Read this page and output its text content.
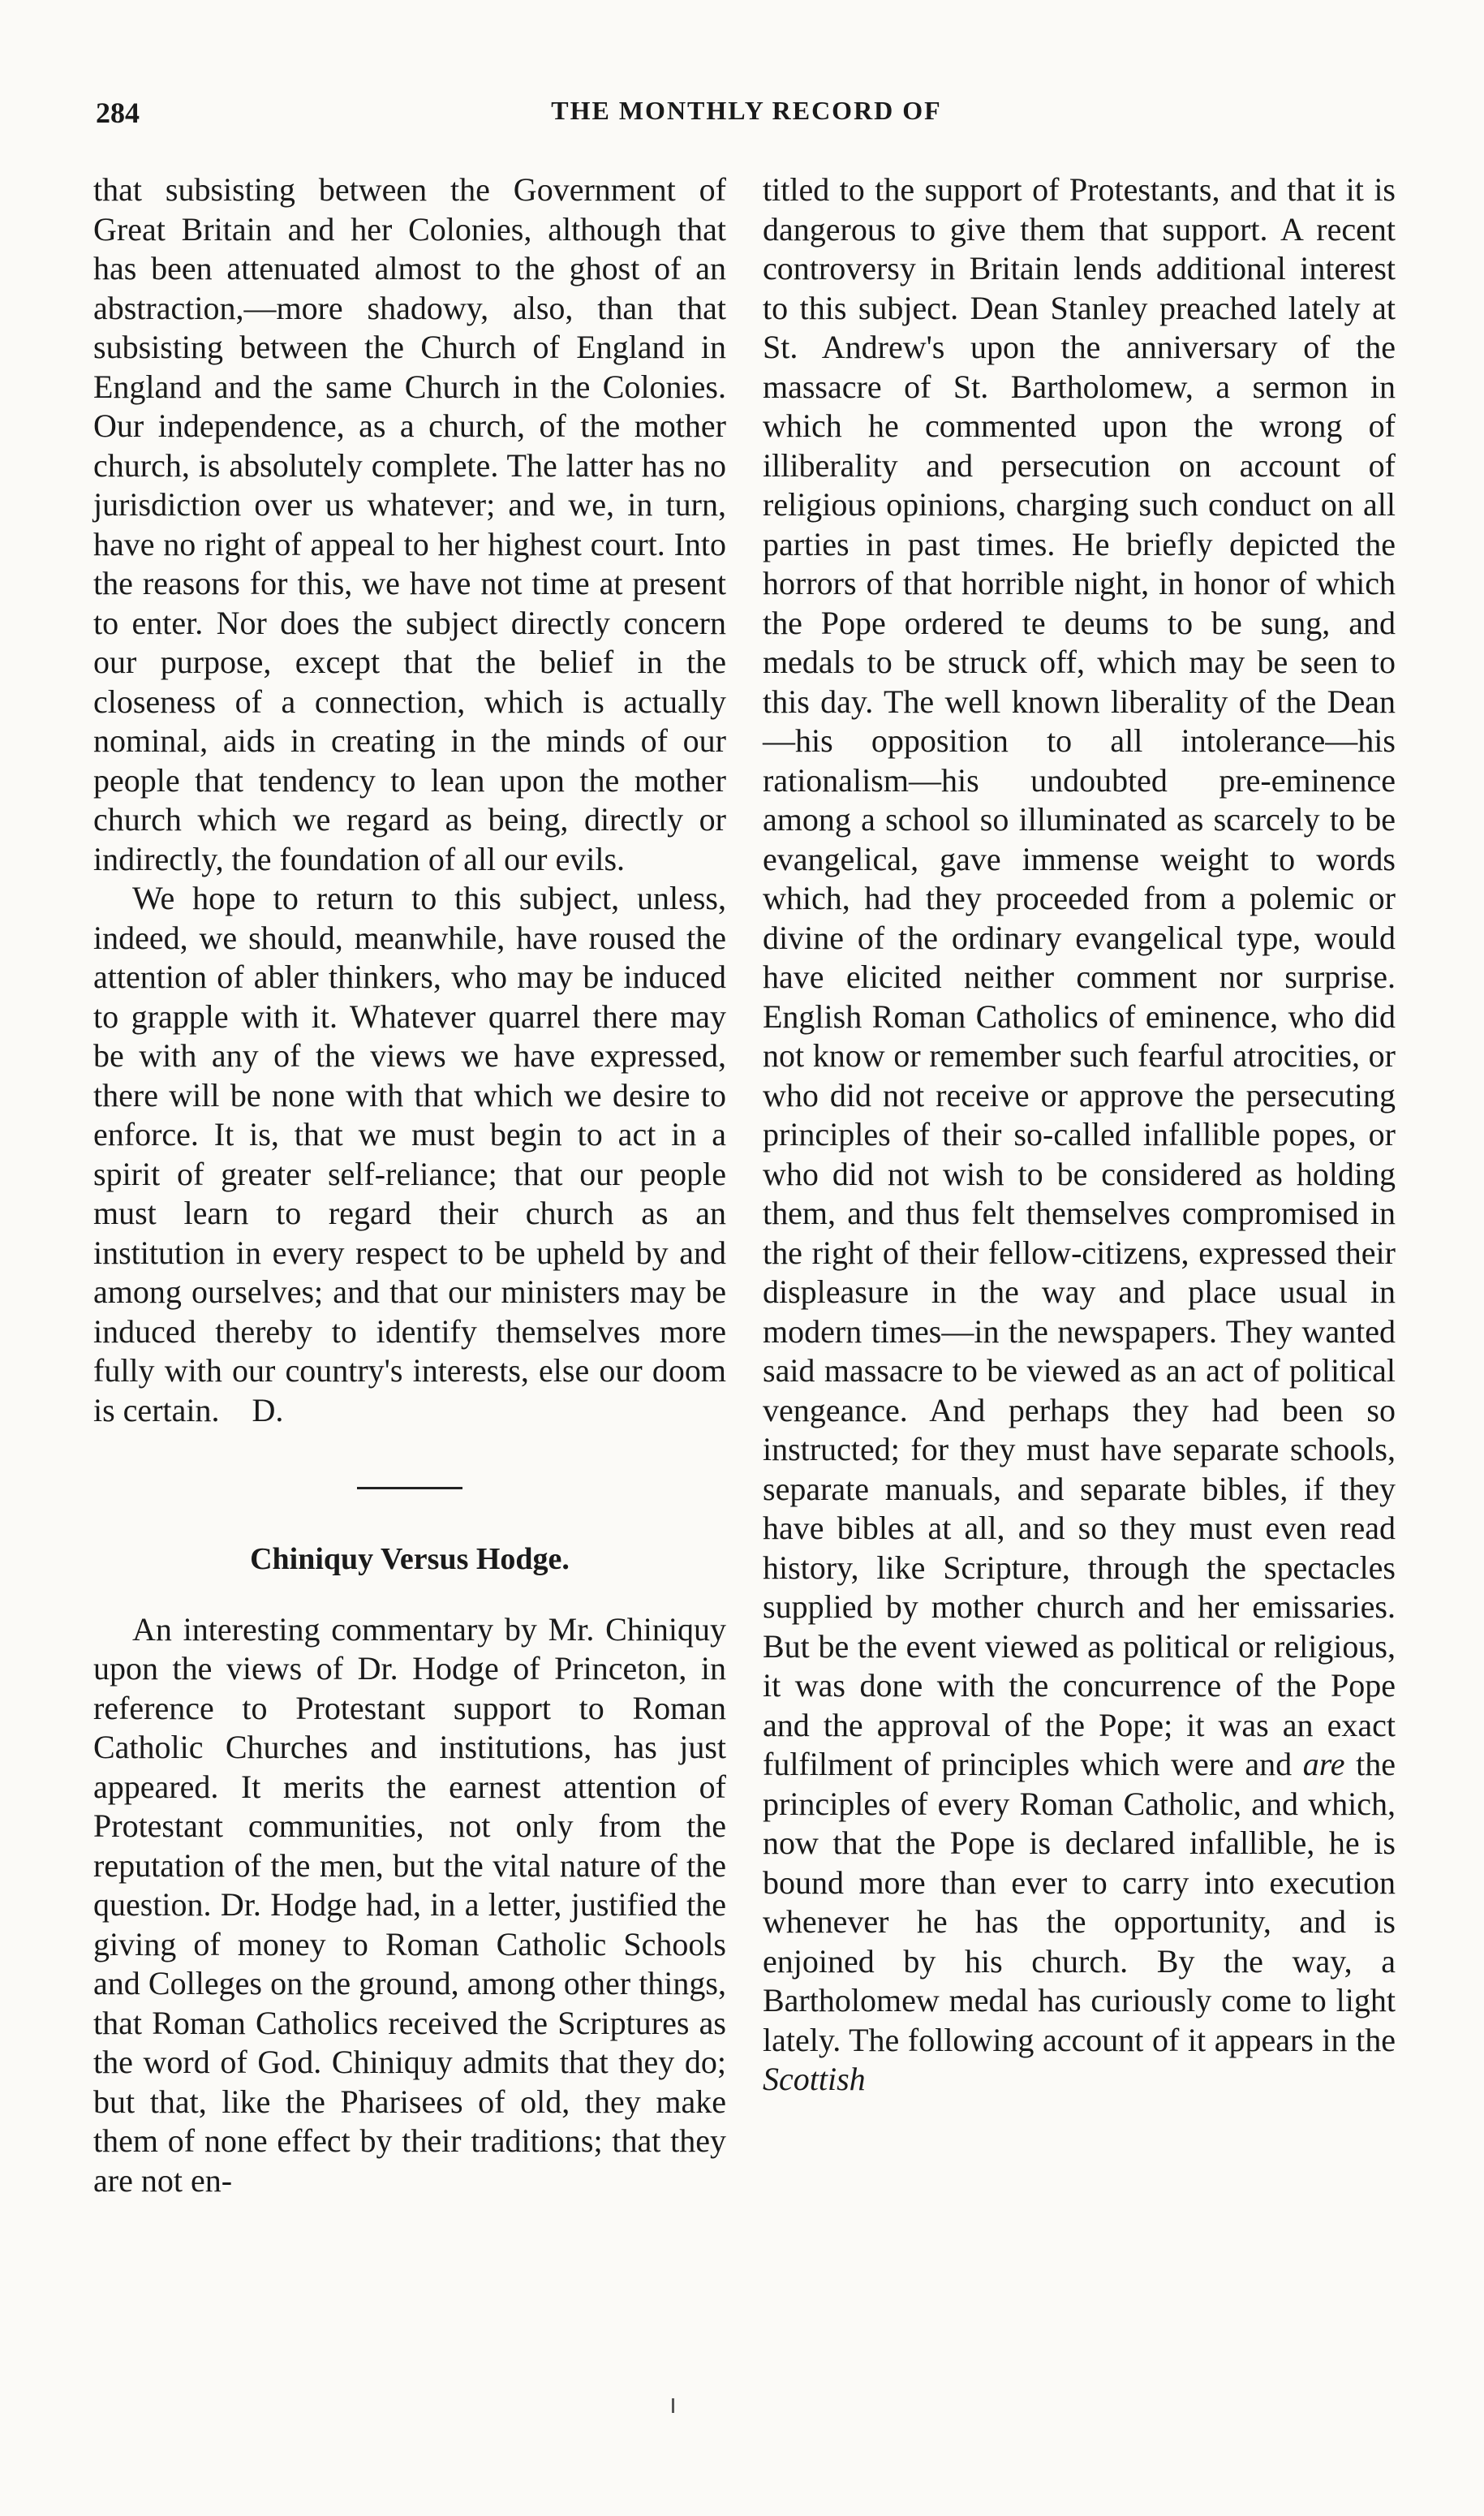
284	THE MONTHLY RECORD OF

that subsisting between the Government of Great Britain and her Colonies, although that has been attenuated almost to the ghost of an abstraction,—more shadowy, also, than that subsisting between the Church of England in England and the same Church in the Colonies. Our independence, as a church, of the mother church, is absolutely complete. The latter has no jurisdiction over us whatever; and we, in turn, have no right of appeal to her highest court. Into the reasons for this, we have not time at present to enter. Nor does the subject directly concern our purpose, except that the belief in the closeness of a connection, which is actually nominal, aids in creating in the minds of our people that tendency to lean upon the mother church which we regard as being, directly or indirectly, the foundation of all our evils.

We hope to return to this subject, unless, indeed, we should, meanwhile, have roused the attention of abler thinkers, who may be induced to grapple with it. Whatever quarrel there may be with any of the views we have expressed, there will be none with that which we desire to enforce. It is, that we must begin to act in a spirit of greater self-reliance; that our people must learn to regard their church as an institution in every respect to be upheld by and among ourselves; and that our ministers may be induced thereby to identify themselves more fully with our country's interests, else our doom is certain. D.

Chiniquy Versus Hodge.

An interesting commentary by Mr. Chiniquy upon the views of Dr. Hodge of Princeton, in reference to Protestant support to Roman Catholic Churches and institutions, has just appeared. It merits the earnest attention of Protestant communities, not only from the reputation of the men, but the vital nature of the question. Dr. Hodge had, in a letter, justified the giving of money to Roman Catholic Schools and Colleges on the ground, among other things, that Roman Catholics received the Scriptures as the word of God. Chiniquy admits that they do; but that, like the Pharisees of old, they make them of none effect by their traditions; that they are not en-

titled to the support of Protestants, and that it is dangerous to give them that support. A recent controversy in Britain lends additional interest to this subject. Dean Stanley preached lately at St. Andrew's upon the anniversary of the massacre of St. Bartholomew, a sermon in which he commented upon the wrong of illiberality and persecution on account of religious opinions, charging such conduct on all parties in past times. He briefly depicted the horrors of that horrible night, in honor of which the Pope ordered te deums to be sung, and medals to be struck off, which may be seen to this day. The well known liberality of the Dean—his opposition to all intolerance—his rationalism—his undoubted pre-eminence among a school so illuminated as scarcely to be evangelical, gave immense weight to words which, had they proceeded from a polemic or divine of the ordinary evangelical type, would have elicited neither comment nor surprise. English Roman Catholics of eminence, who did not know or remember such fearful atrocities, or who did not receive or approve the persecuting principles of their so-called infallible popes, or who did not wish to be considered as holding them, and thus felt themselves compromised in the right of their fellow-citizens, expressed their displeasure in the way and place usual in modern times—in the newspapers. They wanted said massacre to be viewed as an act of political vengeance. And perhaps they had been so instructed; for they must have separate schools, separate manuals, and separate bibles, if they have bibles at all, and so they must even read history, like Scripture, through the spectacles supplied by mother church and her emissaries. But be the event viewed as political or religious, it was done with the concurrence of the Pope and the approval of the Pope; it was an exact fulfilment of principles which were and are the principles of every Roman Catholic, and which, now that the Pope is declared infallible, he is bound more than ever to carry into execution whenever he has the opportunity, and is enjoined by his church. By the way, a Bartholomew medal has curiously come to light lately. The following account of it appears in the Scottish
